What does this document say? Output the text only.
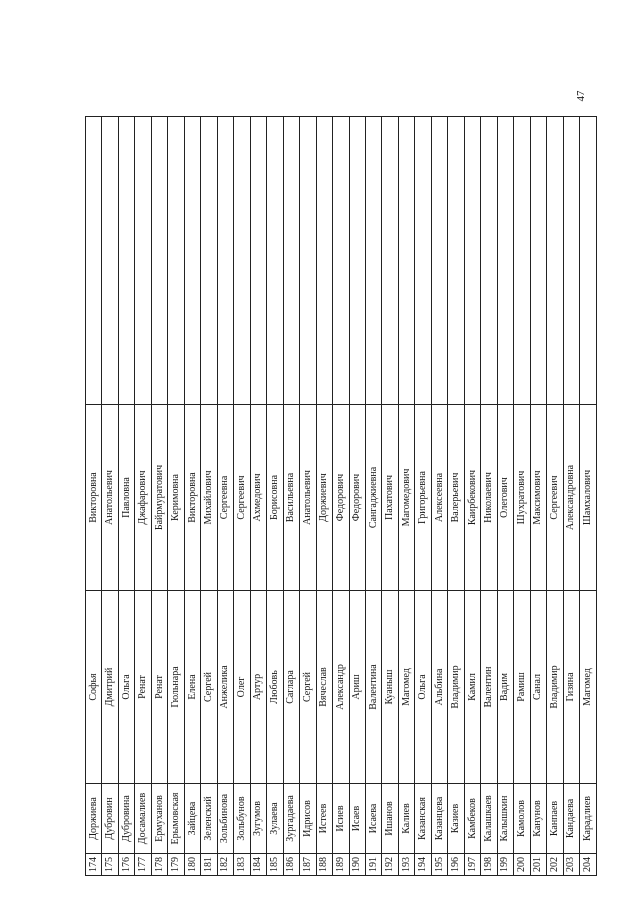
47
174	Доржиева	Софья	Викторовна	
175	Дубровин	Дмитрий	Анатольевич	
176	Дубровина	Ольга	Павловна	
177	Досамалиев	Ренат	Джафарович	
178	Ермуханов	Ренат	Байрмуратович	
179	Ерымовская	Гюльнара	Керимовна	
180	Зайцева	Елена	Викторовна	
181	Зеленский	Сергей	Михайлович	
182	Зольбинова	Анжелика	Сергеевна	
183	Зольбунов	Олег	Сергеевич	
184	Зугумов	Артур	Ахмедович	
185	Зулаева	Любовь	Борисовна	
186	Зургадаева	Саглара	Васильевна	
187	Идрисов	Сергей	Анатольевич	
188	Истеев	Вячеслав	Доржиевич	
189	Исиев	Александр	Федорович	
190	Исаев	Ариш	Федорович	
191	Исаева	Валентина	Сангаджиевна	
192	Ишанов	Куаныш	Пахатович	
193	Калиев	Магомед	Магомедович	
194	Казанская	Ольга	Григорьевна	
195	Казанцева	Альбина	Алексеевна	
196	Казиев	Владимир	Валерьевич	
197	Камбеков	Камил	Каирбекович	
198	Калашкаев	Валентин	Николаевич	
199	Калышкин	Вадим	Олегович	
200	Камолов	Рамиш	Шухратович	
201	Канунов	Санал	Максимович	
202	Канпаев	Владимир	Сергеевич	
203	Кандаева	Гизяна	Александровна	
204	Карадлиев	Магомед	Шамхалович	
